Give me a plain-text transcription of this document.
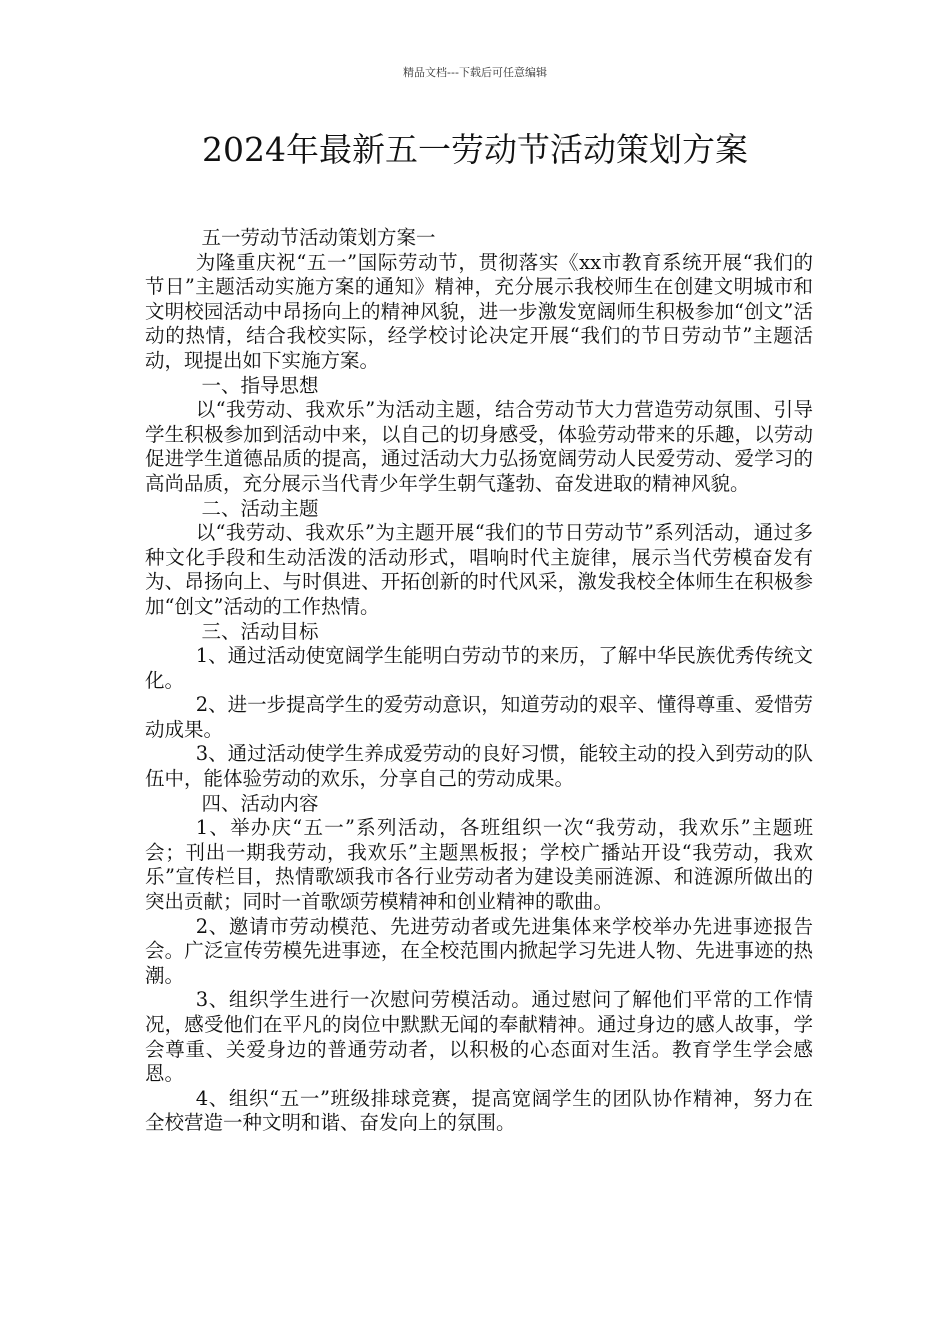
精品文档---下载后可任意编辑
2024年最新五一劳动节活动策划方案

五一劳动节活动策划方案一

为隆重庆祝“五一”国际劳动节，贯彻落实《xx市教育系统开展“我们的节日”主题活动实施方案的通知》精神，充分展示我校师生在创建文明城市和文明校园活动中昂扬向上的精神风貌，进一步激发宽阔师生积极参加“创文”活动的热情，结合我校实际，经学校讨论决定开展“我们的节日劳动节”主题活动，现提出如下实施方案。

一、指导思想

以“我劳动、我欢乐”为活动主题，结合劳动节大力营造劳动氛围、引导学生积极参加到活动中来，以自己的切身感受，体验劳动带来的乐趣，以劳动促进学生道德品质的提高，通过活动大力弘扬宽阔劳动人民爱劳动、爱学习的高尚品质，充分展示当代青少年学生朝气蓬勃、奋发进取的精神风貌。

二、活动主题

以“我劳动、我欢乐”为主题开展“我们的节日劳动节”系列活动，通过多种文化手段和生动活泼的活动形式，唱响时代主旋律，展示当代劳模奋发有为、昂扬向上、与时俱进、开拓创新的时代风采，激发我校全体师生在积极参加“创文”活动的工作热情。

三、活动目标

1、通过活动使宽阔学生能明白劳动节的来历，了解中华民族优秀传统文化。

2、进一步提高学生的爱劳动意识，知道劳动的艰辛、懂得尊重、爱惜劳动成果。

3、通过活动使学生养成爱劳动的良好习惯，能较主动的投入到劳动的队伍中，能体验劳动的欢乐，分享自己的劳动成果。

四、活动内容

1、举办庆“五一”系列活动，各班组织一次“我劳动，我欢乐”主题班会；刊出一期我劳动，我欢乐”主题黑板报；学校广播站开设“我劳动，我欢乐”宣传栏目，热情歌颂我市各行业劳动者为建设美丽涟源、和涟源所做出的突出贡献；同时一首歌颂劳模精神和创业精神的歌曲。

2、邀请市劳动模范、先进劳动者或先进集体来学校举办先进事迹报告会。广泛宣传劳模先进事迹，在全校范围内掀起学习先进人物、先进事迹的热潮。

3、组织学生进行一次慰问劳模活动。通过慰问了解他们平常的工作情况，感受他们在平凡的岗位中默默无闻的奉献精神。通过身边的感人故事，学会尊重、关爱身边的普通劳动者，以积极的心态面对生活。教育学生学会感恩。

4、组织“五一”班级排球竞赛，提高宽阔学生的团队协作精神，努力在全校营造一种文明和谐、奋发向上的氛围。
